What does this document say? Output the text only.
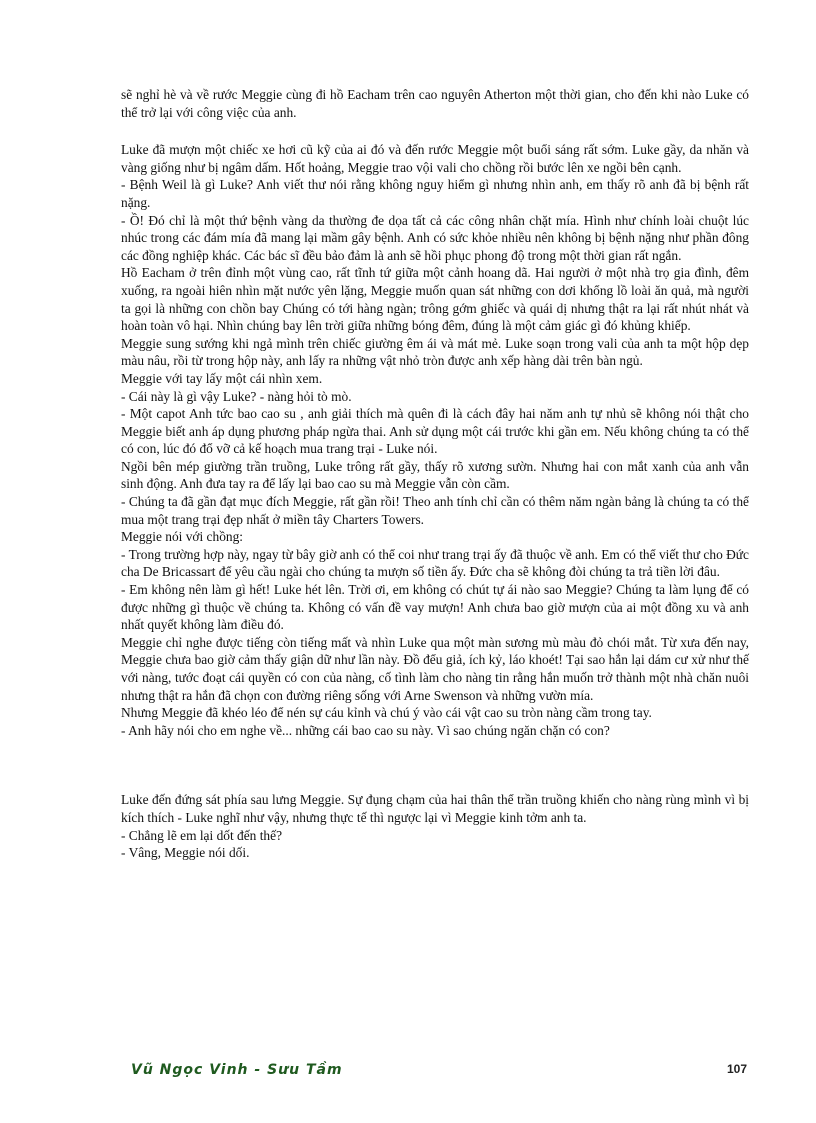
sẽ nghỉ hè và về rước Meggie cùng đi hồ Eacham trên cao nguyên Atherton một thời gian, cho đến khi nào Luke có thể trở lại với công việc của anh.

Luke đã mượn một chiếc xe hơi cũ kỹ của ai đó và đến rước Meggie một buổi sáng rất sớm. Luke gầy, da nhăn và vàng giống như bị ngâm dấm. Hốt hoảng, Meggie trao vội vali cho chồng rồi bước lên xe ngồi bên cạnh.

- Bệnh Weil là gì Luke? Anh viết thư nói rằng không nguy hiểm gì nhưng nhìn anh, em thấy rõ anh đã bị bệnh rất nặng.

- Ồ! Đó chỉ là một thứ bệnh vàng da thường đe dọa tất cả các công nhân chặt mía. Hình như chính loài chuột lúc nhúc trong các đám mía đã mang lại mầm gây bệnh. Anh có sức khỏe nhiều nên không bị bệnh nặng như phần đông các đồng nghiệp khác. Các bác sĩ đều bảo đảm là anh sẽ hồi phục phong độ trong một thời gian rất ngắn.

Hồ Eacham ở trên đỉnh một vùng cao, rất tĩnh tứ giữa một cảnh hoang dã. Hai người ở một nhà trọ gia đình, đêm xuống, ra ngoài hiên nhìn mặt nước yên lặng, Meggie muốn quan sát những con dơi khổng lồ loài ăn quả, mà người ta gọi là những con chồn bay Chúng có tới hàng ngàn; trông gớm ghiếc và quái dị nhưng thật ra lại rất nhút nhát và hoàn toàn vô hại. Nhìn chúng bay lên trời giữa những bóng đêm, đúng là một cảm giác gì đó khủng khiếp.

Meggie sung sướng khi ngả mình trên chiếc giường êm ái và mát mẻ. Luke soạn trong vali của anh ta một hộp dẹp màu nâu, rồi từ trong hộp này, anh lấy ra những vật nhỏ tròn được anh xếp hàng dài trên bàn ngủ.

Meggie với tay lấy một cái nhìn xem.

- Cái này là gì vậy Luke? - nàng hỏi tò mò.

- Một capot Anh tức bao cao su , anh giải thích mà quên đi là cách đây hai năm anh tự nhủ sẽ không nói thật cho Meggie biết anh áp dụng phương pháp ngừa thai. Anh sử dụng một cái trước khi gần em. Nếu không chúng ta có thể có con, lúc đó đổ vỡ cả kế hoạch mua trang trại - Luke nói.

Ngồi bên mép giường trần truồng, Luke trông rất gầy, thấy rõ xương sườn. Nhưng hai con mắt xanh của anh vẫn sinh động. Anh đưa tay ra để lấy lại bao cao su mà Meggie vẫn còn cầm.

- Chúng ta đã gần đạt mục đích Meggie, rất gần rồi! Theo anh tính chỉ cần có thêm năm ngàn bảng là chúng ta có thể mua một trang trại đẹp nhất ở miền tây Charters Towers.

Meggie nói với chồng:

- Trong trường hợp này, ngay từ bây giờ anh có thể coi như trang trại ấy đã thuộc về anh. Em có thể viết thư cho Đức cha De Bricassart để yêu cầu ngài cho chúng ta mượn số tiền ấy. Đức cha sẽ không đòi chúng ta trả tiền lời đâu.

- Em không nên làm gì hết! Luke hét lên. Trời ơi, em không có chút tự ái nào sao Meggie? Chúng ta làm lụng để có được những gì thuộc về chúng ta. Không có vấn đề vay mượn! Anh chưa bao giờ mượn của ai một đồng xu và anh nhất quyết không làm điều đó.

Meggie chỉ nghe được tiếng còn tiếng mất và nhìn Luke qua một màn sương mù màu đỏ chói mắt. Từ xưa đến nay, Meggie chưa bao giờ cảm thấy giận dữ như lần này. Đồ đểu giả, ích kỷ, láo khoét! Tại sao hắn lại dám cư xử như thế với nàng, tước đoạt cái quyền có con của nàng, cố tình làm cho nàng tin rằng hắn muốn trở thành một nhà chăn nuôi nhưng thật ra hắn đã chọn con đường riêng sống với Arne Swenson và những vườn mía.

Nhưng Meggie đã khéo léo để nén sự cáu kỉnh và chú ý vào cái vật cao su tròn nàng cầm trong tay.

- Anh hãy nói cho em nghe về... những cái bao cao su này. Vì sao chúng ngăn chặn có con?

Luke đến đứng sát phía sau lưng Meggie. Sự đụng chạm của hai thân thể trần truồng khiến cho nàng rùng mình vì bị kích thích - Luke nghĩ như vậy, nhưng thực tế thì ngược lại vì Meggie kinh tởm anh ta.

- Chẳng lẽ em lại dốt đến thế?

- Vâng, Meggie nói dối.

Vũ Ngọc Vinh - Sưu Tầm	107
